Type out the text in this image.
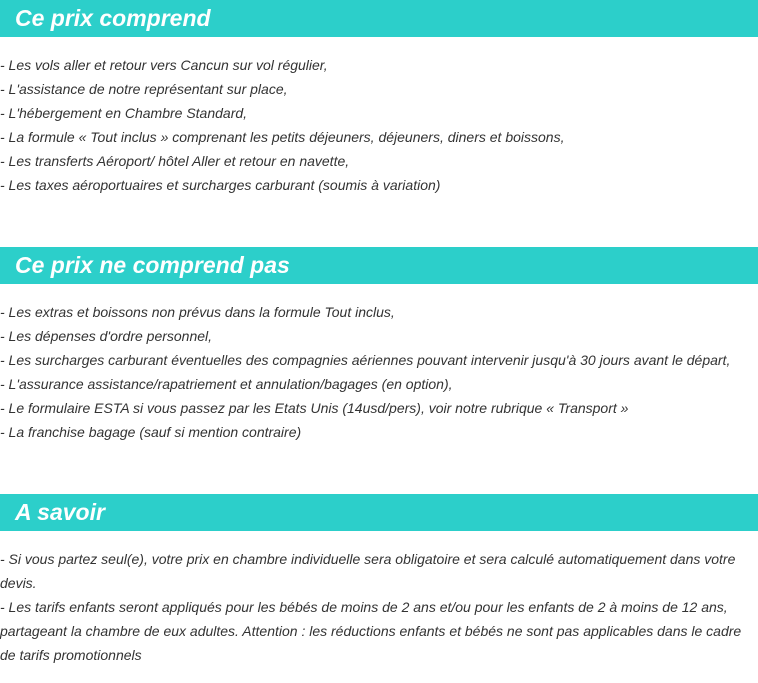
Ce prix comprend
- Les vols aller et retour vers Cancun sur vol régulier,
- L'assistance de notre représentant sur place,
- L'hébergement en Chambre Standard,
- La formule « Tout inclus » comprenant les petits déjeuners, déjeuners, diners et boissons,
- Les transferts Aéroport/ hôtel Aller et retour en navette,
- Les taxes aéroportuaires et surcharges carburant (soumis à variation)
Ce prix ne comprend pas
- Les extras et boissons non prévus dans la formule Tout inclus,
- Les dépenses d'ordre personnel,
- Les surcharges carburant éventuelles des compagnies aériennes pouvant intervenir jusqu'à 30 jours avant le départ,
- L'assurance assistance/rapatriement et annulation/bagages (en option),
- Le formulaire ESTA si vous passez par les Etats Unis (14usd/pers), voir notre rubrique « Transport »
- La franchise bagage (sauf si mention contraire)
A savoir
- Si vous partez seul(e), votre prix en chambre individuelle sera obligatoire et sera calculé automatiquement dans votre devis.
- Les tarifs enfants seront appliqués pour les bébés de moins de 2 ans et/ou pour les enfants de 2 à moins de 12 ans, partageant la chambre de eux adultes. Attention : les réductions enfants et bébés ne sont pas applicables dans le cadre de tarifs promotionnels
